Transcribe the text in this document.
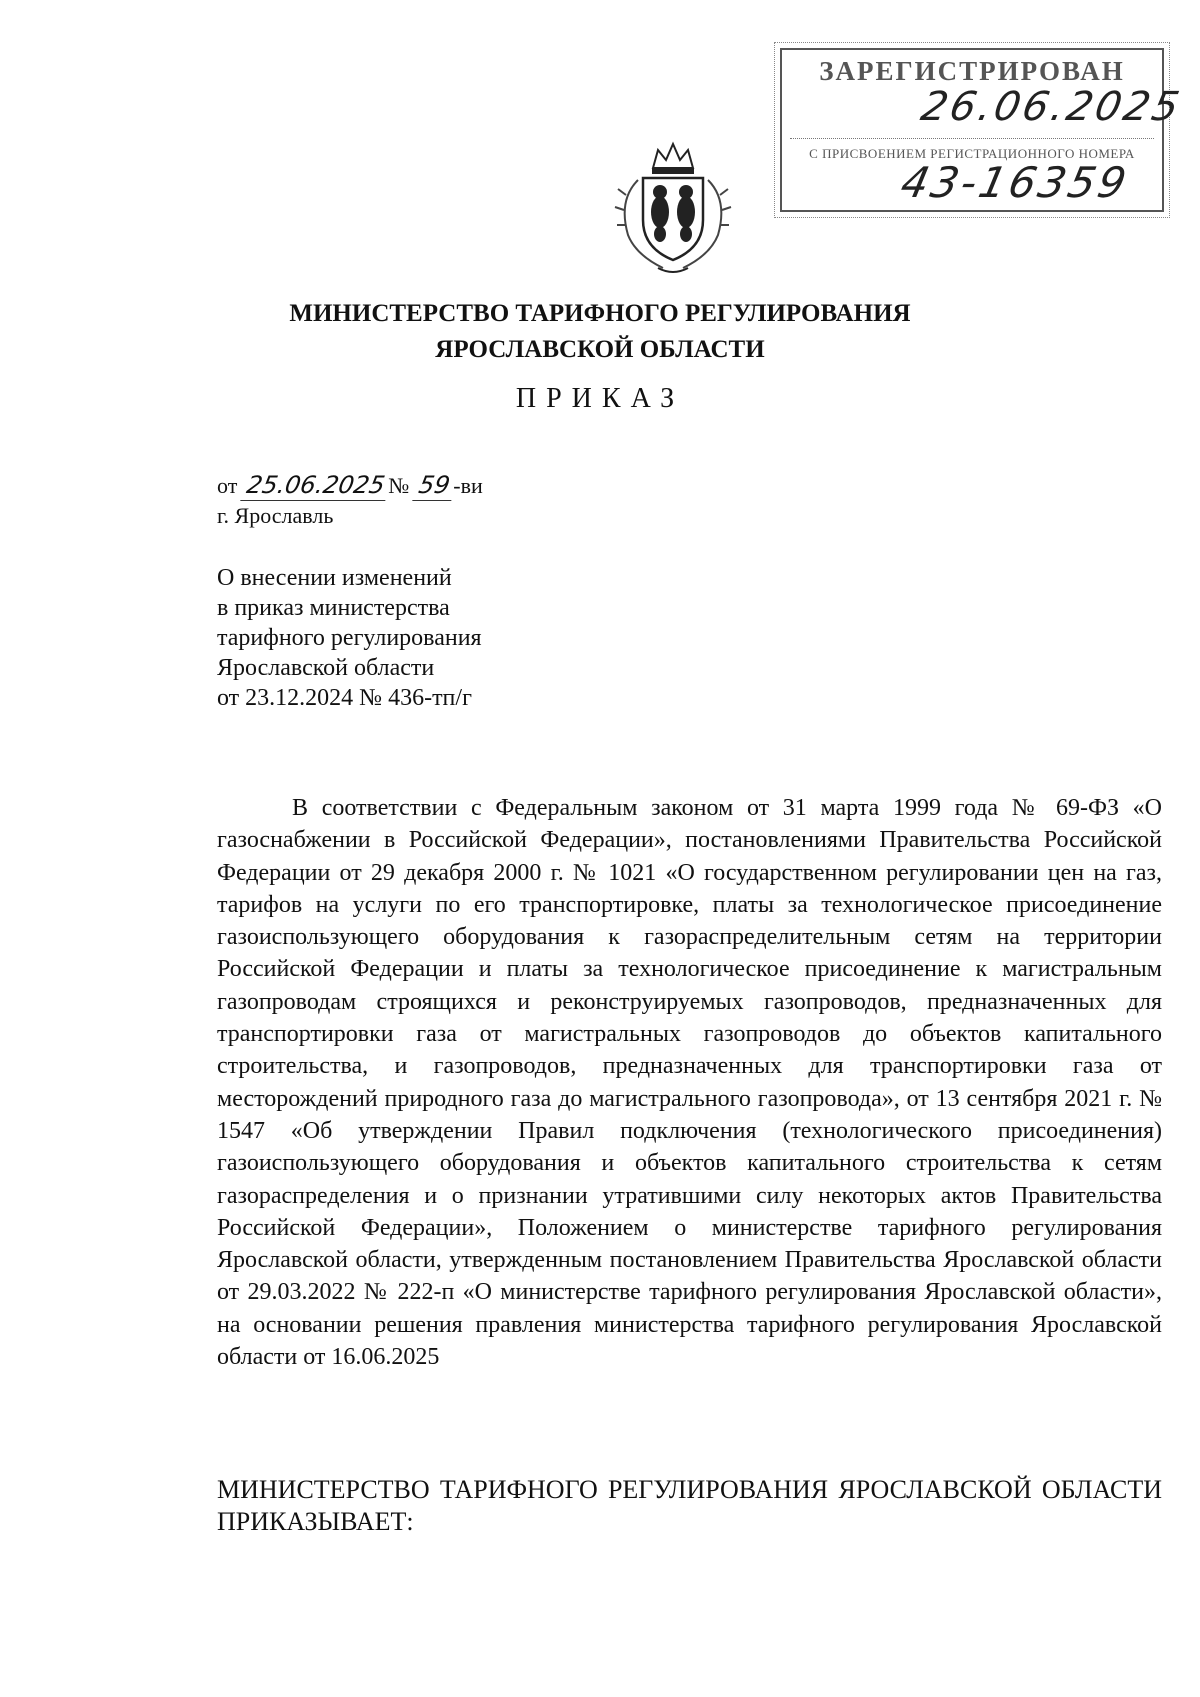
ЗАРЕГИСТРИРОВАН
26.06.2025
С ПРИСВОЕНИЕМ РЕГИСТРАЦИОННОГО НОМЕРА
43-16359
МИНИСТЕРСТВО ТАРИФНОГО РЕГУЛИРОВАНИЯ
ЯРОСЛАВСКОЙ ОБЛАСТИ
ПРИКАЗ
от 25.06.2025№ 59-ви
г. Ярославль
О внесении изменений
в приказ министерства
тарифного регулирования
Ярославской области
от 23.12.2024 № 436-тп/г

В соответствии с Федеральным законом от 31 марта 1999 года № 69-ФЗ «О газоснабжении в Российской Федерации», постановлениями Правительства Российской Федерации от 29 декабря 2000 г. № 1021 «О государственном регулировании цен на газ, тарифов на услуги по его транспортировке, платы за технологическое присоединение газоиспользующего оборудования к газораспределительным сетям на территории Российской Федерации и платы за технологическое присоединение к магистральным газопроводам строящихся и реконструируемых газопроводов, предназначенных для транспортировки газа от магистральных газопроводов до объектов капитального строительства, и газопроводов, предназначенных для транспортировки газа от месторождений природного газа до магистрального газопровода», от 13 сентября 2021 г. № 1547 «Об утверждении Правил подключения (технологического присоединения) газоиспользующего оборудования и объектов капитального строительства к сетям газораспределения и о признании утратившими силу некоторых актов Правительства Российской Федерации», Положением о министерстве тарифного регулирования Ярославской области, утвержденным постановлением Правительства Ярославской области от 29.03.2022 № 222-п «О министерстве тарифного регулирования Ярославской области», на основании решения правления министерства тарифного регулирования Ярославской области от 16.06.2025

МИНИСТЕРСТВО ТАРИФНОГО РЕГУЛИРОВАНИЯ ЯРОСЛАВСКОЙ ОБЛАСТИ ПРИКАЗЫВАЕТ:
